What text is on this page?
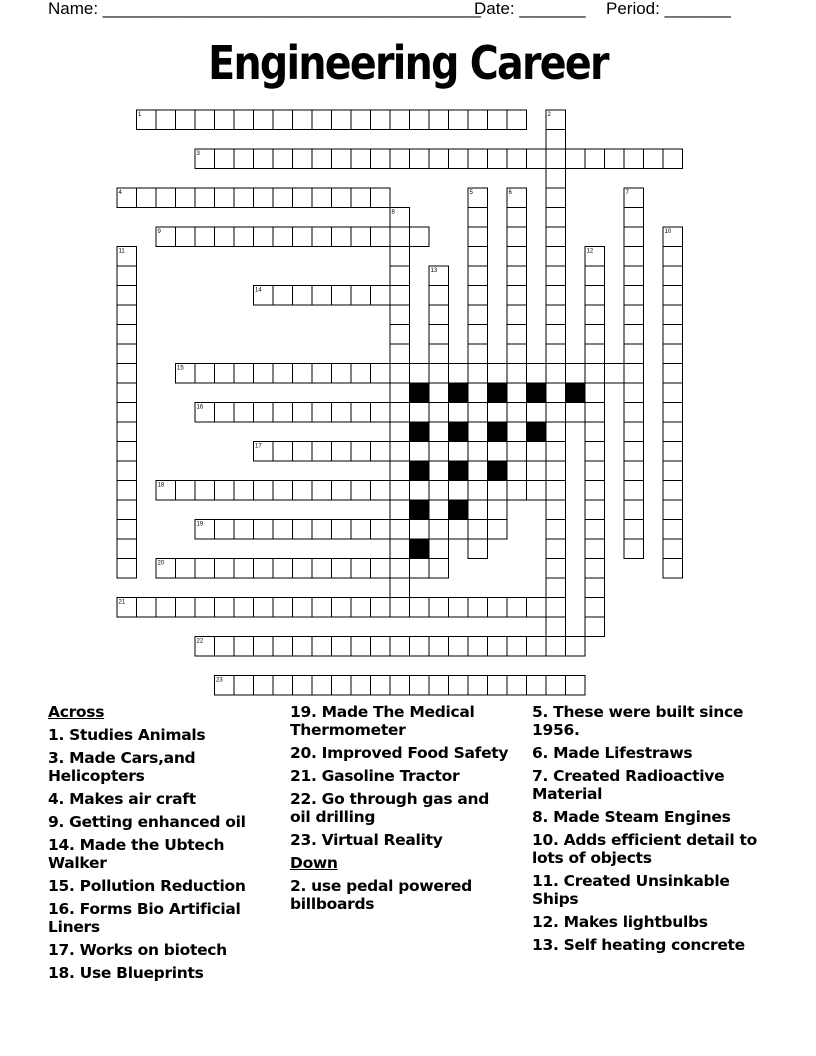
Name: ________________________________________
Date: _______ Period: _______
Engineering Career
1	2
3
4	5	6	7
8
9	10
11	12
13
14
15
16
17
18
19
20
21
22
23
Across
1. Studies Animals
3. Made Cars,and Helicopters
4. Makes air craft
9. Getting enhanced oil
14. Made the Ubtech Walker
15. Pollution Reduction
16. Forms Bio Artificial Liners
17. Works on biotech
18. Use Blueprints
19. Made The Medical Thermometer
20. Improved Food Safety
21. Gasoline Tractor
22. Go through gas and oil drilling
23. Virtual Reality
Down
2. use pedal powered billboards
5. These were built since 1956.
6. Made Lifestraws
7. Created Radioactive Material
8. Made Steam Engines
10. Adds efficient detail to lots of objects
11. Created Unsinkable Ships
12. Makes lightbulbs
13. Self heating concrete
